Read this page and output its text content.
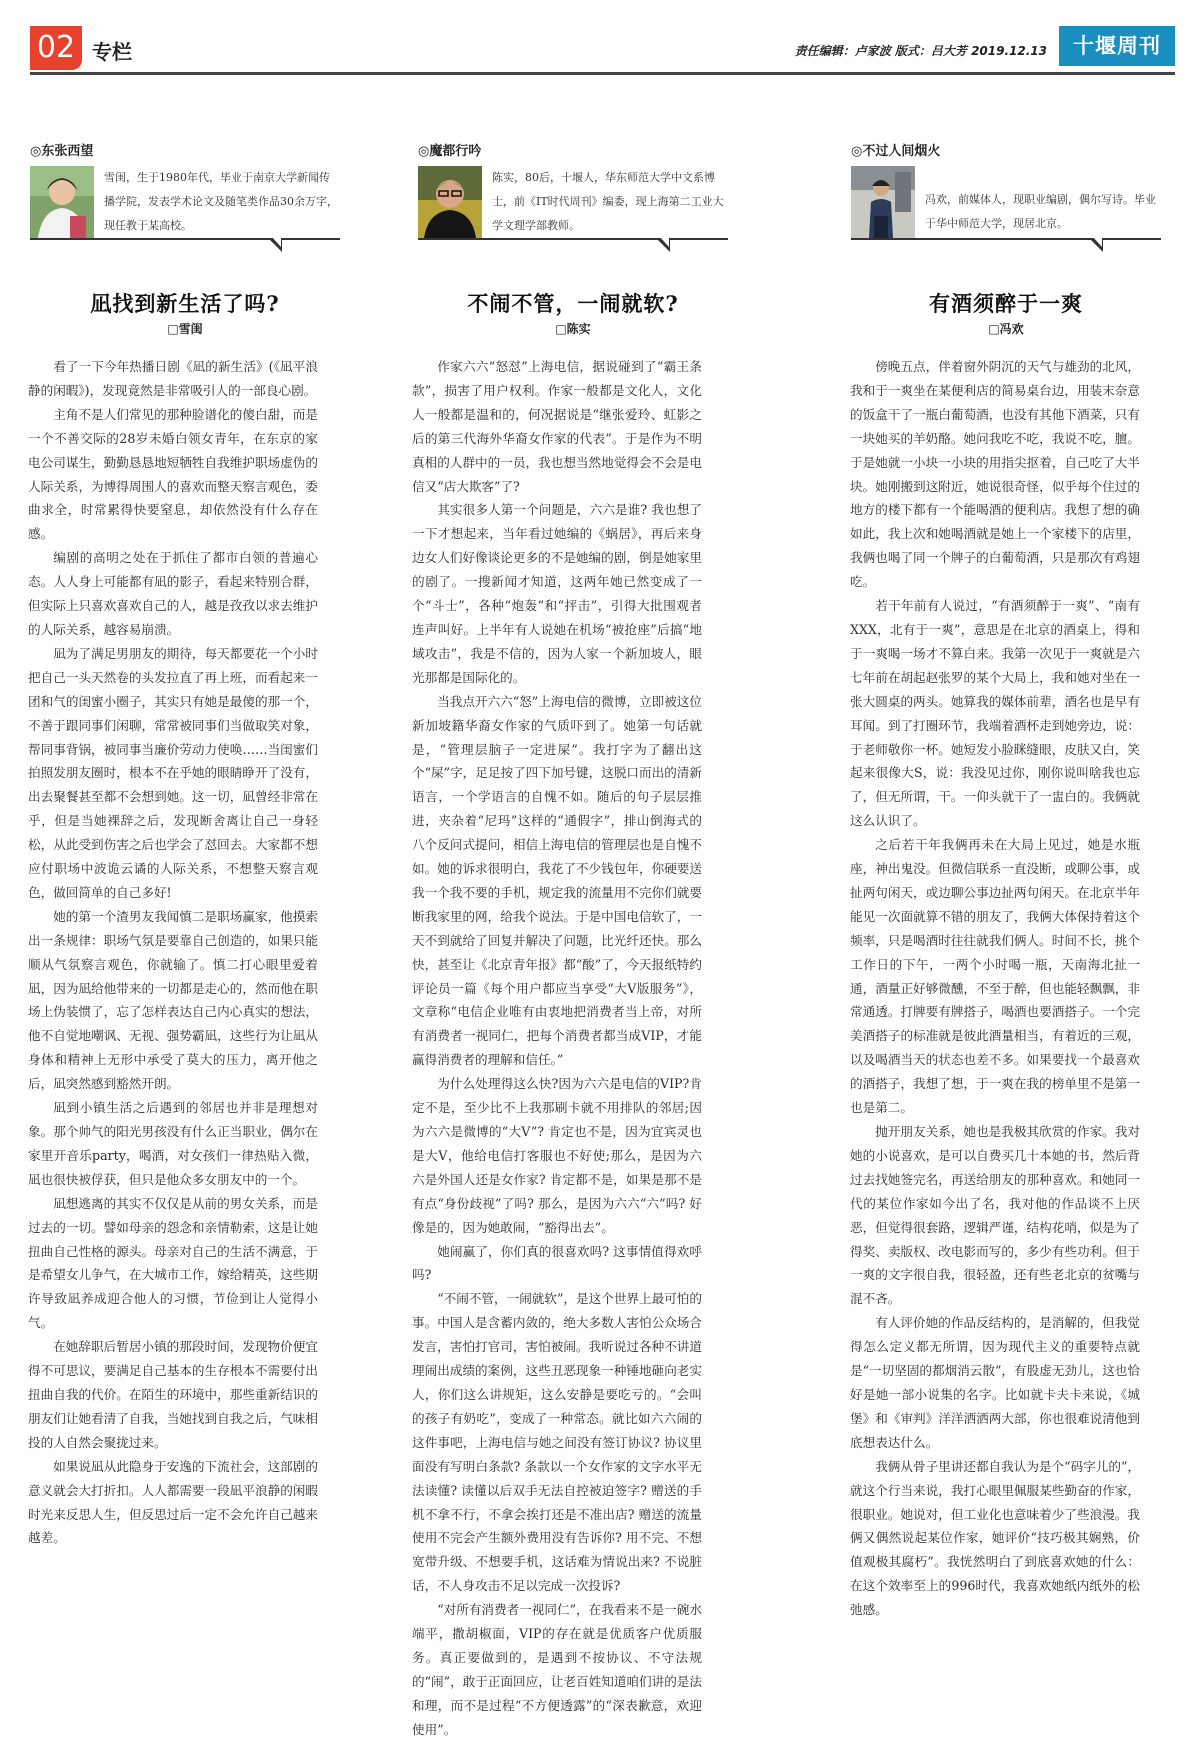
02 专栏	责任编辑：卢家波 版式：吕大芳 2019.12.13	十堰周刊
◎东张西望
雪闺，生于1980年代，毕业于南京大学新闻传播学院，发表学术论文及随笔类作品30余万字，现任教于某高校。
凪找到新生活了吗?
□雪闺

看了一下今年热播日剧《凪的新生活》(《凪平浪静的闲暇》)，发现竟然是非常吸引人的一部良心剧。

主角不是人们常见的那种脸谱化的傻白甜，而是一个不善交际的28岁未婚白领女青年，在东京的家电公司谋生，勤勤恳恳地短牺牲自我维护职场虚伪的人际关系，为博得周围人的喜欢而整天察言观色，委曲求全，时常累得快要窒息，却依然没有什么存在感。

编剧的高明之处在于抓住了都市白领的普遍心态。人人身上可能都有凪的影子，看起来特别合群，但实际上只喜欢喜欢自己的人，越是孜孜以求去维护的人际关系，越容易崩溃。

凪为了满足男朋友的期待，每天都要花一个小时把自己一头天然卷的头发拉直了再上班，而看起来一团和气的闺蜜小圈子，其实只有她是最傻的那一个，不善于跟同事们闲聊，常常被同事们当做取笑对象，帮同事背锅，被同事当廉价劳动力使唤……当闺蜜们拍照发朋友圈时，根本不在乎她的眼睛睁开了没有，出去聚餐甚至都不会想到她。这一切，凪曾经非常在乎，但是当她裸辞之后，发现断舍离让自己一身轻松，从此受到伤害之后也学会了怼回去。大家都不想应付职场中波诡云谲的人际关系，不想整天察言观色，做回简单的自己多好!

她的第一个渣男友我闻慎二是职场赢家，他摸索出一条规律：职场气氛是要靠自己创造的，如果只能顺从气氛察言观色，你就输了。慎二打心眼里爱着凪，因为凪给他带来的一切都是走心的，然而他在职场上伪装惯了，忘了怎样表达自己内心真实的想法，他不自觉地嘲讽、无视、强势霸凪，这些行为让凪从身体和精神上无形中承受了莫大的压力，离开他之后，凪突然感到豁然开朗。

凪到小镇生活之后遇到的邻居也并非是理想对象。那个帅气的阳光男孩没有什么正当职业，偶尔在家里开音乐party，喝酒，对女孩们一律热贴入微，凪也很快被俘获，但只是他众多女朋友中的一个。

凪想逃离的其实不仅仅是从前的男女关系，而是过去的一切。譬如母亲的怨念和亲情勒索，这是让她扭曲自己性格的源头。母亲对自己的生活不满意，于是希望女儿争气，在大城市工作，嫁给精英，这些期许导致凪养成迎合他人的习惯，节俭到让人觉得小气。

在她辞职后暂居小镇的那段时间，发现物价便宜得不可思议，要满足自己基本的生存根本不需要付出扭曲自我的代价。在陌生的环境中，那些重新结识的朋友们让她看清了自我，当她找到自我之后，气味相投的人自然会聚拢过来。

如果说凪从此隐身于安逸的下流社会，这部剧的意义就会大打折扣。人人都需要一段凪平浪静的闲暇时光来反思人生，但反思过后一定不会允许自己越来越差。

◎魔都行吟
陈实，80后，十堰人，华东师范大学中文系博士，前《IT时代周刊》编委，现上海第二工业大学文理学部教师。
不闹不管，一闹就软?
□陈实

作家六六“怒怼”上海电信，据说碰到了“霸王条款”，损害了用户权利。作家一般都是文化人，文化人一般都是温和的，何况据说是“继张爱玲、虹影之后的第三代海外华裔女作家的代表”。于是作为不明真相的人群中的一员，我也想当然地觉得会不会是电信又“店大欺客”了?

其实很多人第一个问题是，六六是谁? 我也想了一下才想起来，当年看过她编的《蜗居》，再后来身边女人们好像谈论更多的不是她编的剧，倒是她家里的剧了。一搜新闻才知道，这两年她已然变成了一个“斗士”，各种“炮轰”和“抨击”，引得大批围观者连声叫好。上半年有人说她在机场“被抢座”后搞“地域攻击”，我是不信的，因为人家一个新加坡人，眼光那都是国际化的。

当我点开六六“怒”上海电信的微博，立即被这位新加坡籍华裔女作家的气质吓到了。她第一句话就是，“管理层脑子一定进屎”。我打字为了翻出这个“屎”字，足足按了四下加号键，这脱口而出的清新语言，一个学语言的自愧不如。随后的句子层层推进，夹杂着“尼玛”这样的“通假字”，排山倒海式的八个反问式提问，相信上海电信的管理层也是自愧不如。她的诉求很明白，我花了不少钱包年，你硬要送我一个我不要的手机，规定我的流量用不完你们就要断我家里的网，给我个说法。于是中国电信软了，一天不到就给了回复并解决了问题，比光纤还快。那么快，甚至让《北京青年报》都“酸”了，今天报纸特约评论员一篇《每个用户都应当享受“大V版服务”》，文章称“电信企业唯有由衷地把消费者当上帝，对所有消费者一视同仁，把每个消费者都当成VIP，才能赢得消费者的理解和信任。”

为什么处理得这么快?因为六六是电信的VIP?肯定不是，至少比不上我那刷卡就不用排队的邻居;因为六六是微博的“大V”? 肯定也不是，因为宜宾灵也是大V，他给电信打客服也不好使;那么，是因为六六是外国人还是女作家? 肯定都不是，如果是那不是有点“身份歧视”了吗? 那么，是因为六六“六”吗? 好像是的，因为她敢闹，“豁得出去”。

她闹赢了，你们真的很喜欢吗? 这事情值得欢呼吗?

“不闹不管，一闹就软”，是这个世界上最可怕的事。中国人是含蓄内敛的，绝大多数人害怕公众场合发言，害怕打官司，害怕被闹。我听说过各种不讲道理闹出成绩的案例，这些丑恶现象一种锤地砸向老实人，你们这么讲规矩，这么安静是要吃亏的。“会叫的孩子有奶吃”，变成了一种常态。就比如六六闹的这件事吧，上海电信与她之间没有签订协议? 协议里面没有写明白条款? 条款以一个女作家的文字水平无法读懂? 读懂以后双手无法自控被迫签字? 赠送的手机不拿不行，不拿会挨打还是不准出店? 赠送的流量使用不完会产生额外费用没有告诉你? 用不完、不想宽带升级、不想要手机，这话难为情说出来? 不说脏话，不人身攻击不足以完成一次投诉?

“对所有消费者一视同仁”，在我看来不是一碗水端平，撒胡椒面，VIP的存在就是优质客户优质服务。真正要做到的，是遇到不按协议、不守法规的“闹”，敢于正面回应，让老百姓知道咱们讲的是法和理，而不是过程“不方便透露”的“深表歉意，欢迎使用”。

◎不过人间烟火
冯欢，前媒体人，现职业编剧，偶尔写诗。毕业于华中师范大学，现居北京。
有酒须醉于一爽
□冯欢

傍晚五点，伴着窗外阴沉的天气与雄劲的北风，我和于一爽坐在某便利店的简易桌台边，用装末奈意的饭盒干了一瓶白葡萄酒，也没有其他下酒菜，只有一块她买的羊奶酪。她问我吃不吃，我说不吃，膻。于是她就一小块一小块的用指尖抠着，自己吃了大半块。她刚搬到这附近，她说很奇怪，似乎每个住过的地方的楼下都有一个能喝酒的便利店。我想了想的确如此，我上次和她喝酒就是她上一个家楼下的店里，我俩也喝了同一个牌子的白葡萄酒，只是那次有鸡翅吃。

若干年前有人说过，“有酒须醉于一爽”、“南有XXX，北有于一爽”，意思是在北京的酒桌上，得和于一爽喝一场才不算白来。我第一次见于一爽就是六七年前在胡起赵张罗的某个大局上，我和她对坐在一张大圆桌的两头。她算我的媒体前辈，酒名也是早有耳闻。到了打圈环节，我端着酒杯走到她旁边，说：于老师敬你一杯。她短发小脸眯缝眼，皮肤又白，笑起来很像大S，说：我没见过你，刚你说叫啥我也忘了，但无所谓，干。一仰头就干了一盅白的。我俩就这么认识了。

之后若干年我俩再未在大局上见过，她是水瓶座，神出鬼没。但微信联系一直没断，或聊公事，或扯两句闲天，或边聊公事边扯两句闲天。在北京半年能见一次面就算不错的朋友了，我俩大体保持着这个频率，只是喝酒时往往就我们俩人。时间不长，挑个工作日的下午，一两个小时喝一瓶，天南海北扯一通，酒量正好够微醺，不至于醉，但也能轻飘飘，非常通透。打牌要有牌搭子，喝酒也要酒搭子。一个完美酒搭子的标准就是彼此酒量相当，有着近的三观，以及喝酒当天的状态也差不多。如果要找一个最喜欢的酒搭子，我想了想，于一爽在我的榜单里不是第一也是第二。

抛开朋友关系，她也是我极其欣赏的作家。我对她的小说喜欢，是可以自费买几十本她的书，然后背过去找她签完名，再送给朋友的那种喜欢。和她同一代的某位作家如今出了名，我对他的作品谈不上厌恶，但觉得很套路，逻辑严谨，结构花哨，似是为了得奖、卖版权、改电影而写的，多少有些功利。但于一爽的文字很自我，很轻盈，还有些老北京的贫嘴与混不吝。

有人评价她的作品反结构的，是消解的，但我觉得怎么定义都无所谓，因为现代主义的重要特点就是“一切坚固的都烟消云散”，有股虚无劲儿，这也恰好是她一部小说集的名字。比如就卡夫卡来说，《城堡》和《审判》洋洋洒洒两大部，你也很难说清他到底想表达什么。

我俩从骨子里讲还都自我认为是个“码字儿的”，就这个行当来说，我打心眼里佩服某些勤奋的作家，很职业。她说对，但工业化也意味着少了些浪漫。我俩又偶然说起某位作家，她评价“技巧极其娴熟，价值观极其腐朽”。我恍然明白了到底喜欢她的什么：在这个效率至上的996时代，我喜欢她纸内纸外的松弛感。
